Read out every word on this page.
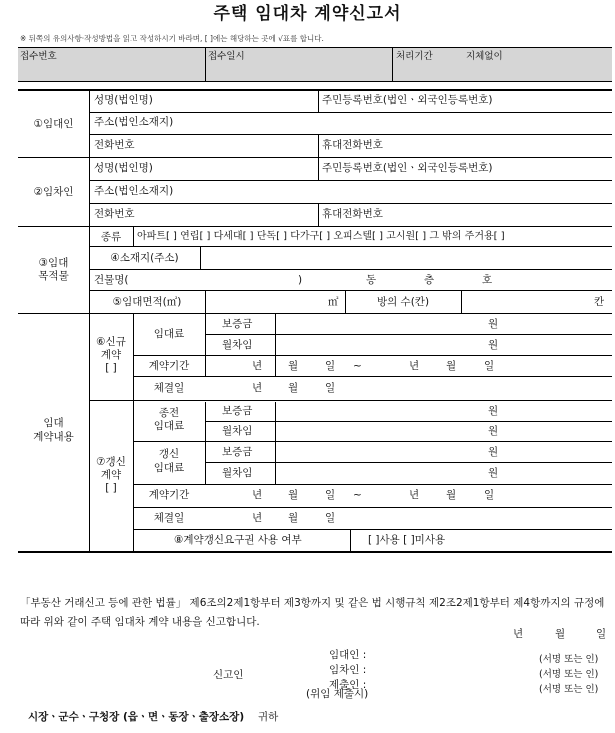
주택 임대차 계약신고서
※ 뒤쪽의 유의사항·작성방법을 읽고 작성하시기 바라며, [ ]에는 해당하는 곳에 √표를 합니다.
접수번호	접수일시	처리기간	지체없이
①임대인
성명(법인명)	주민등록번호(법인ㆍ외국인등록번호)
주소(법인소재지)
전화번호	휴대전화번호
②임차인
성명(법인명)	주민등록번호(법인ㆍ외국인등록번호)
주소(법인소재지)
전화번호	휴대전화번호
③임대
목적물
종류	아파트[ ] 연립[ ] 다세대[ ] 단독[ ] 다가구[ ] 오피스텔[ ] 고시원[ ] 그 밖의 주거용[ ]
④소재지(주소)
건물명(	)	동	층	호
⑤임대면적(㎡)	㎡	방의 수(칸)	칸
임대
계약내용
⑥신규
계약
[ ]
임대료
보증금	원
월차임	원
계약기간	년 월	일 ~	년	월	일
체결일	년 월	일
⑦갱신
계약
[ ]
종전
임대료
보증금	원
월차임	원
갱신
임대료
보증금	원
월차임	원
계약기간	년 월	일 ~	년	월	일
체결일	년 월	일
⑧계약갱신요구권 사용 여부	[ ]사용 [ ]미사용
「부동산 거래신고 등에 관한 법률」 제6조의2제1항부터 제3항까지 및 같은 법 시행규칙 제2조2제1항부터 제4항까지의 규정에 따라 위와 같이 주택 임대차 계약 내용을 신고합니다.
년	월	일
신고인
임대인 :
임차인 :
제출인 :
(위임 제출시)
(서명 또는 인)
(서명 또는 인)
(서명 또는 인)
시장ㆍ군수ㆍ구청장 (읍ㆍ면ㆍ동장ㆍ출장소장) 귀하
